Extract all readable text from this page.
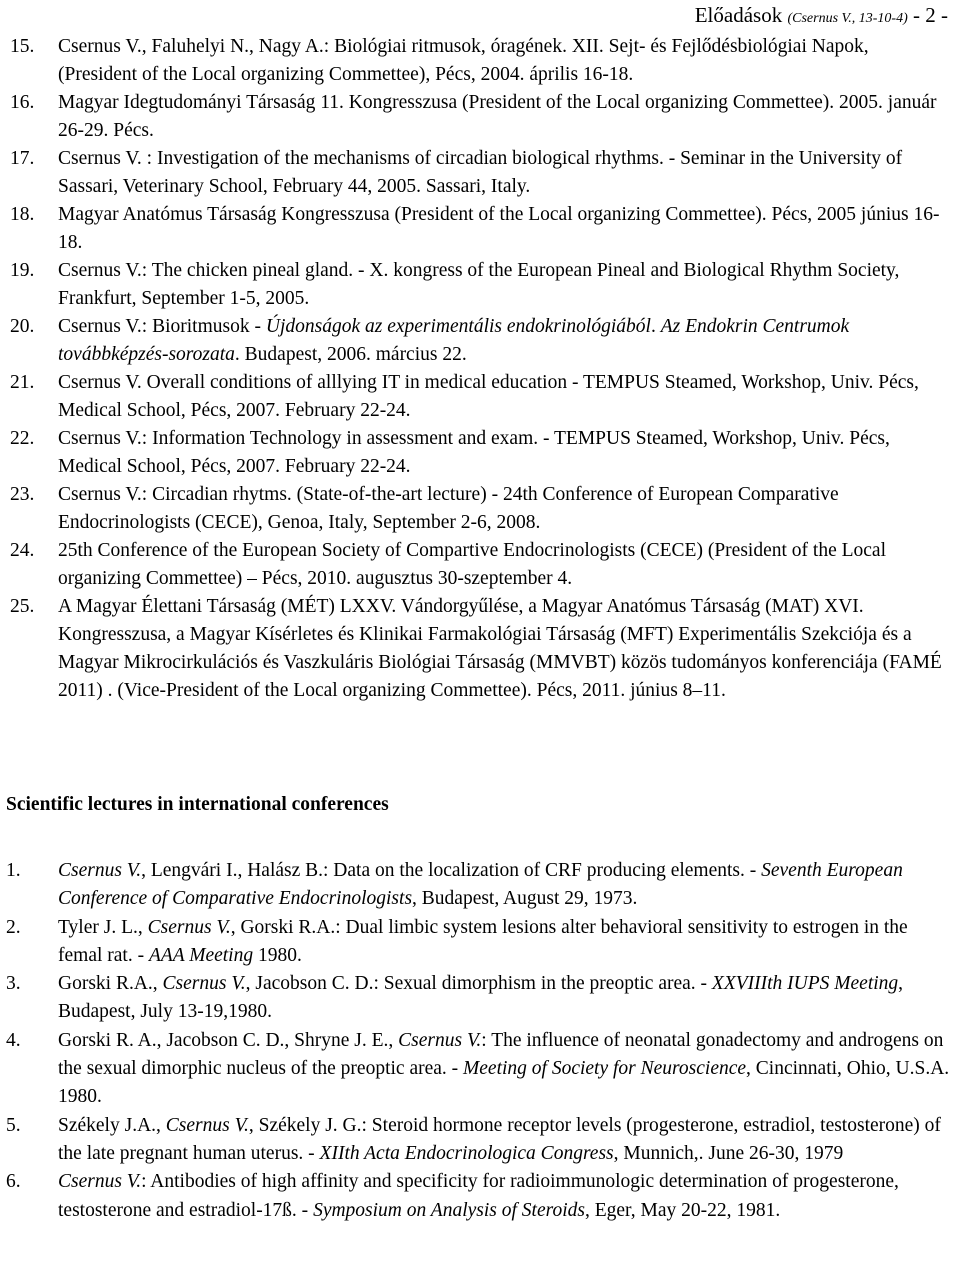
Előadások (Csernus V., 13-10-4) - 2 -
15. Csernus V., Faluhelyi N., Nagy A.: Biológiai ritmusok, óragének. XII. Sejt- és Fejlődésbiológiai Napok, (President of the Local organizing Commettee), Pécs, 2004. április 16-18.
16. Magyar Idegtudományi Társaság 11. Kongresszusa (President of the Local organizing Commettee). 2005. január 26-29. Pécs.
17. Csernus V. : Investigation of the mechanisms of circadian biological rhythms. - Seminar in the University of Sassari, Veterinary School, February 44, 2005. Sassari, Italy.
18. Magyar Anatómus Társaság Kongresszusa (President of the Local organizing Commettee). Pécs, 2005 június 16-18.
19. Csernus V.: The chicken pineal gland. - X. kongress of the European Pineal and Biological Rhythm Society, Frankfurt, September 1-5, 2005.
20. Csernus V.: Bioritmusok - Újdonságok az experimentális endokrinológiából. Az Endokrin Centrumok továbbképzés-sorozata. Budapest, 2006. március 22.
21. Csernus V. Overall conditions of alllying IT in medical education - TEMPUS Steamed, Workshop, Univ. Pécs, Medical School, Pécs, 2007. February 22-24.
22. Csernus V.: Information Technology in assessment and exam. - TEMPUS Steamed, Workshop, Univ. Pécs, Medical School, Pécs, 2007. February 22-24.
23. Csernus V.: Circadian rhytms. (State-of-the-art lecture) - 24th Conference of European Comparative Endocrinologists (CECE), Genoa, Italy, September 2-6, 2008.
24. 25th Conference of the European Society of Compartive Endocrinologists (CECE) (President of the Local organizing Commettee) – Pécs, 2010. augusztus 30-szeptember 4.
25. A Magyar Élettani Társaság (MÉT) LXXV. Vándorgyűlése, a Magyar Anatómus Társaság (MAT) XVI. Kongresszusa, a Magyar Kísérletes és Klinikai Farmakológiai Társaság (MFT) Experimentális Szekciója és a Magyar Mikrocirkulációs és Vaszkuláris Biológiai Társaság (MMVBT) közös tudományos konferenciája (FAMÉ 2011) . (Vice-President of the Local organizing Commettee). Pécs, 2011. június 8–11.
Scientific lectures in international conferences
1. Csernus V., Lengvári I., Halász B.: Data on the localization of CRF producing elements. - Seventh European Conference of Comparative Endocrinologists, Budapest, August 29, 1973.
2. Tyler J. L., Csernus V., Gorski R.A.: Dual limbic system lesions alter behavioral sensitivity to estrogen in the femal rat. - AAA Meeting 1980.
3. Gorski R.A., Csernus V., Jacobson C. D.: Sexual dimorphism in the preoptic area. - XXVIIIth IUPS Meeting, Budapest, July 13-19,1980.
4. Gorski R. A., Jacobson C. D., Shryne J. E., Csernus V.: The influence of neonatal gonadectomy and androgens on the sexual dimorphic nucleus of the preoptic area. - Meeting of Society for Neuroscience, Cincinnati, Ohio, U.S.A. 1980.
5. Székely J.A., Csernus V., Székely J. G.: Steroid hormone receptor levels (progesterone, estradiol, testosterone) of the late pregnant human uterus. - XIIth Acta Endocrinologica Congress, Munnich,. June 26-30, 1979
6. Csernus V.: Antibodies of high affinity and specificity for radioimmunologic determination of progesterone, testosterone and estradiol-17ß. - Symposium on Analysis of Steroids, Eger, May 20-22, 1981.
